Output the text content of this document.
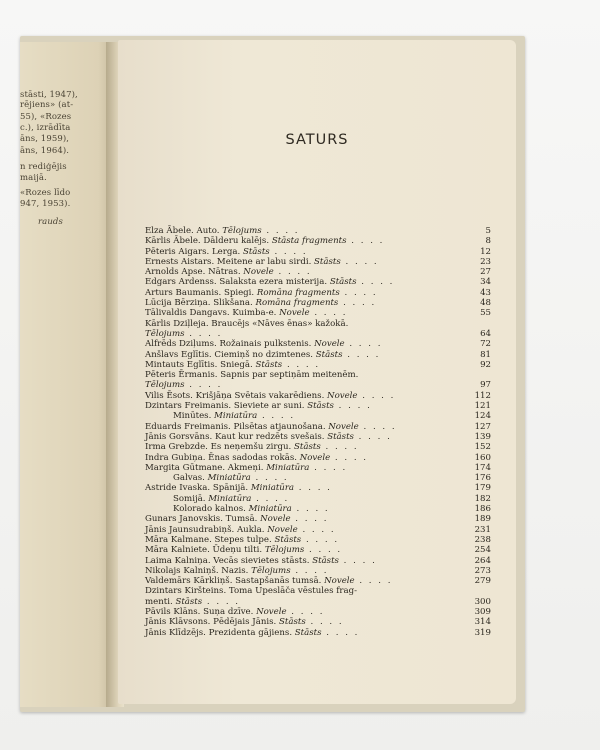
stāsti, 1947),
rējiens» (at-
55), «Rozes
c.), izrādīta
āns, 1959),
āns, 1964).
n rediģējis
maijā.
«Rozes līdo
947, 1953).
rauds
SATURS
Elza Ābele. Auto. Tēlojums . . . .	5
Kārlis Ābele. Dālderu kalējs. Stāsta fragments . . . .	8
Pēteris Aigars. Lerga. Stāsts . . . .	12
Ernests Aistars. Meitene ar labu sirdi. Stāsts . . . .	23
Arnolds Apse. Nātras. Novele . . . .	27
Edgars Ardenss. Salaksta ezera misterija. Stāsts . . . .	34
Arturs Baumanis. Spiegi. Romāna fragments . . . .	43
Lūcija Bērziņa. Slikšana. Romāna fragments . . . .	48
Tālivaldis Dangavs. Kuimba-e. Novele . . . .	55
Kārlis Dziļleja. Braucējs «Nāves ēnas» kažokā.
Tēlojums . . . .	64
Alfrēds Dziļums. Rožainais pulkstenis. Novele . . . .	72
Anšlavs Eglītis. Ciemiņš no dzimtenes. Stāsts . . . .	81
Mintauts Eglītis. Sniegā. Stāsts . . . .	92
Pēteris Ērmanis. Sapnis par septiņām meitenēm.
Tēlojums . . . .	97
Vilis Ēsots. Krišjāņa Svētais vakarēdiens. Novele . . . .	112
Dzintars Freimanis. Sieviete ar suni. Stāsts . . . .	121
Minūtes. Miniatūra . . . .	124
Eduards Freimanis. Pilsētas atjaunošana. Novele . . . .	127
Jānis Gorsvāns. Kaut kur redzēts svešais. Stāsts . . . .	139
Irma Grebzde. Es neņemšu zirgu. Stāsts . . . .	152
Indra Gubiņa. Ēnas sadodas rokās. Novele . . . .	160
Margita Gūtmane. Akmeņi. Miniatūra . . . .	174
Galvas. Miniatūra . . . .	176
Astride Ivaska. Spānijā. Miniatūra . . . .	179
Somijā. Miniatūra . . . .	182
Kolorado kalnos. Miniatūra . . . .	186
Gunars Janovskis. Tumsā. Novele . . . .	189
Jānis Jaunsudrabiņš. Aukla. Novele . . . .	231
Māra Kalmane. Stepes tulpe. Stāsts . . . .	238
Māra Kalniete. Ūdeņu tilti. Tēlojums . . . .	254
Laima Kalniņa. Vecās sievietes stāsts. Stāsts . . . .	264
Nikolajs Kalniņš. Nazis. Tēlojums . . . .	273
Valdemārs Kārkliņš. Sastapšanās tumsā. Novele . . . .	279
Dzintars Kiršteins. Toma Upeslāča vēstules frag-
menti. Stāsts . . . .	300
Pāvils Klāns. Suņa dzīve. Novele . . . .	309
Jānis Klāvsons. Pēdējais Jānis. Stāsts . . . .	314
Jānis Klīdzējs. Prezidenta gājiens. Stāsts . . . .	319
